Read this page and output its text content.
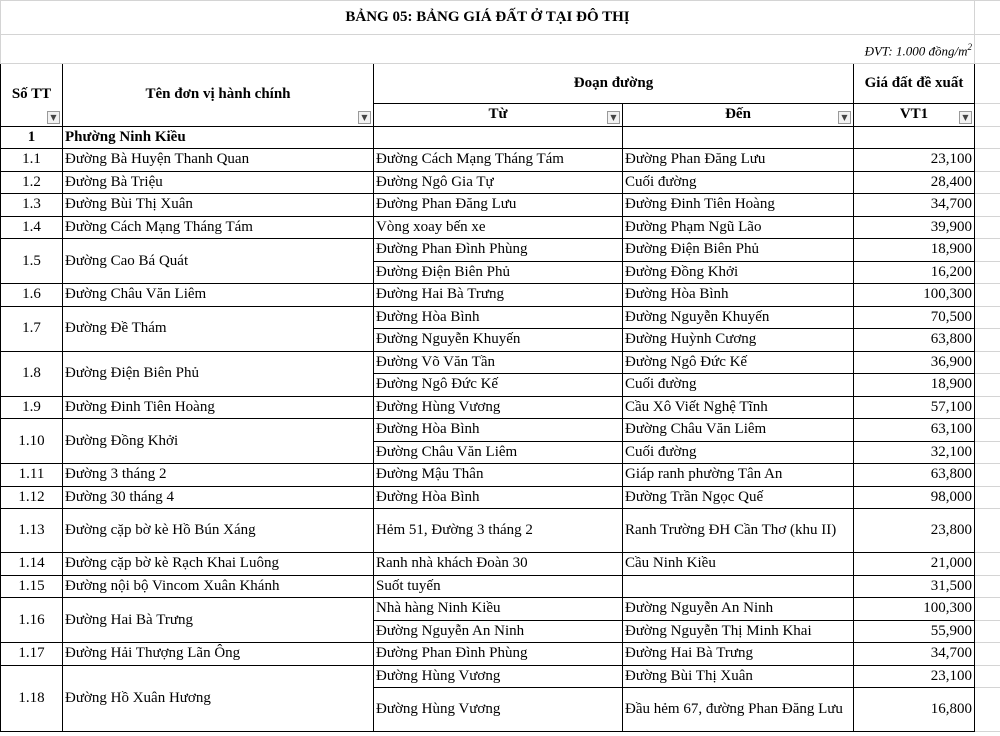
BẢNG 05: BẢNG GIÁ ĐẤT Ở TẠI ĐÔ THỊ					
ĐVT: 1.000 đồng/$m^2$	
Số TT
▼	Tên đơn vị hành chính
▼	Đoạn đường		Giá đất đề xuất	
		Từ ▼	Đến ▼	VT1 ▼	

1	Phường Ninh Kiều				
1.1	Đường Bà Huyện Thanh Quan	Đường Cách Mạng Tháng Tám	Đường Phan Đăng Lưu	23,100	
1.2	Đường Bà Triệu	Đường Ngô Gia Tự	Cuối đường	28,400	
1.3	Đường Bùi Thị Xuân	Đường Phan Đăng Lưu	Đường Đinh Tiên Hoàng	34,700	
1.4	Đường Cách Mạng Tháng Tám	Vòng xoay bến xe	Đường Phạm Ngũ Lão	39,900	
1.5	Đường Cao Bá Quát	Đường Phan Đình Phùng	Đường Điện Biên Phủ	18,900	
		Đường Điện Biên Phủ	Đường Đồng Khởi	16,200	
1.6	Đường Châu Văn Liêm	Đường Hai Bà Trưng	Đường Hòa Bình	100,300	
1.7	Đường Đề Thám	Đường Hòa Bình	Đường Nguyễn Khuyến	70,500	
		Đường Nguyễn Khuyến	Đường Huỳnh Cương	63,800	
1.8	Đường Điện Biên Phủ	Đường Võ Văn Tần	Đường Ngô Đức Kế	36,900	
		Đường Ngô Đức Kế	Cuối đường	18,900	
1.9	Đường Đinh Tiên Hoàng	Đường Hùng Vương	Cầu Xô Viết Nghệ Tĩnh	57,100	
1.10	Đường Đồng Khởi	Đường Hòa Bình	Đường Châu Văn Liêm	63,100	
		Đường Châu Văn Liêm	Cuối đường	32,100	
1.11	Đường 3 tháng 2	Đường Mậu Thân	Giáp ranh phường Tân An	63,800	
1.12	Đường 30 tháng 4	Đường Hòa Bình	Đường Trần Ngọc Quế	98,000	
1.13	Đường cặp bờ kè Hồ Bún Xáng	Hẻm 51, Đường 3 tháng 2	Ranh Trường ĐH Cần Thơ (khu II)	23,800	
1.14	Đường cặp bờ kè Rạch Khai Luông	Ranh nhà khách Đoàn 30	Cầu Ninh Kiều	21,000	
1.15	Đường nội bộ Vincom Xuân Khánh	Suốt tuyến		31,500	
1.16	Đường Hai Bà Trưng	Nhà hàng Ninh Kiều	Đường Nguyễn An Ninh	100,300	
		Đường Nguyễn An Ninh	Đường Nguyễn Thị Minh Khai	55,900	
1.17	Đường Hải Thượng Lãn Ông	Đường Phan Đình Phùng	Đường Hai Bà Trưng	34,700	
1.18	Đường Hồ Xuân Hương	Đường Hùng Vương	Đường Bùi Thị Xuân	23,100	
		Đường Hùng Vương	Đầu hẻm 67, đường Phan Đăng Lưu	16,800	
